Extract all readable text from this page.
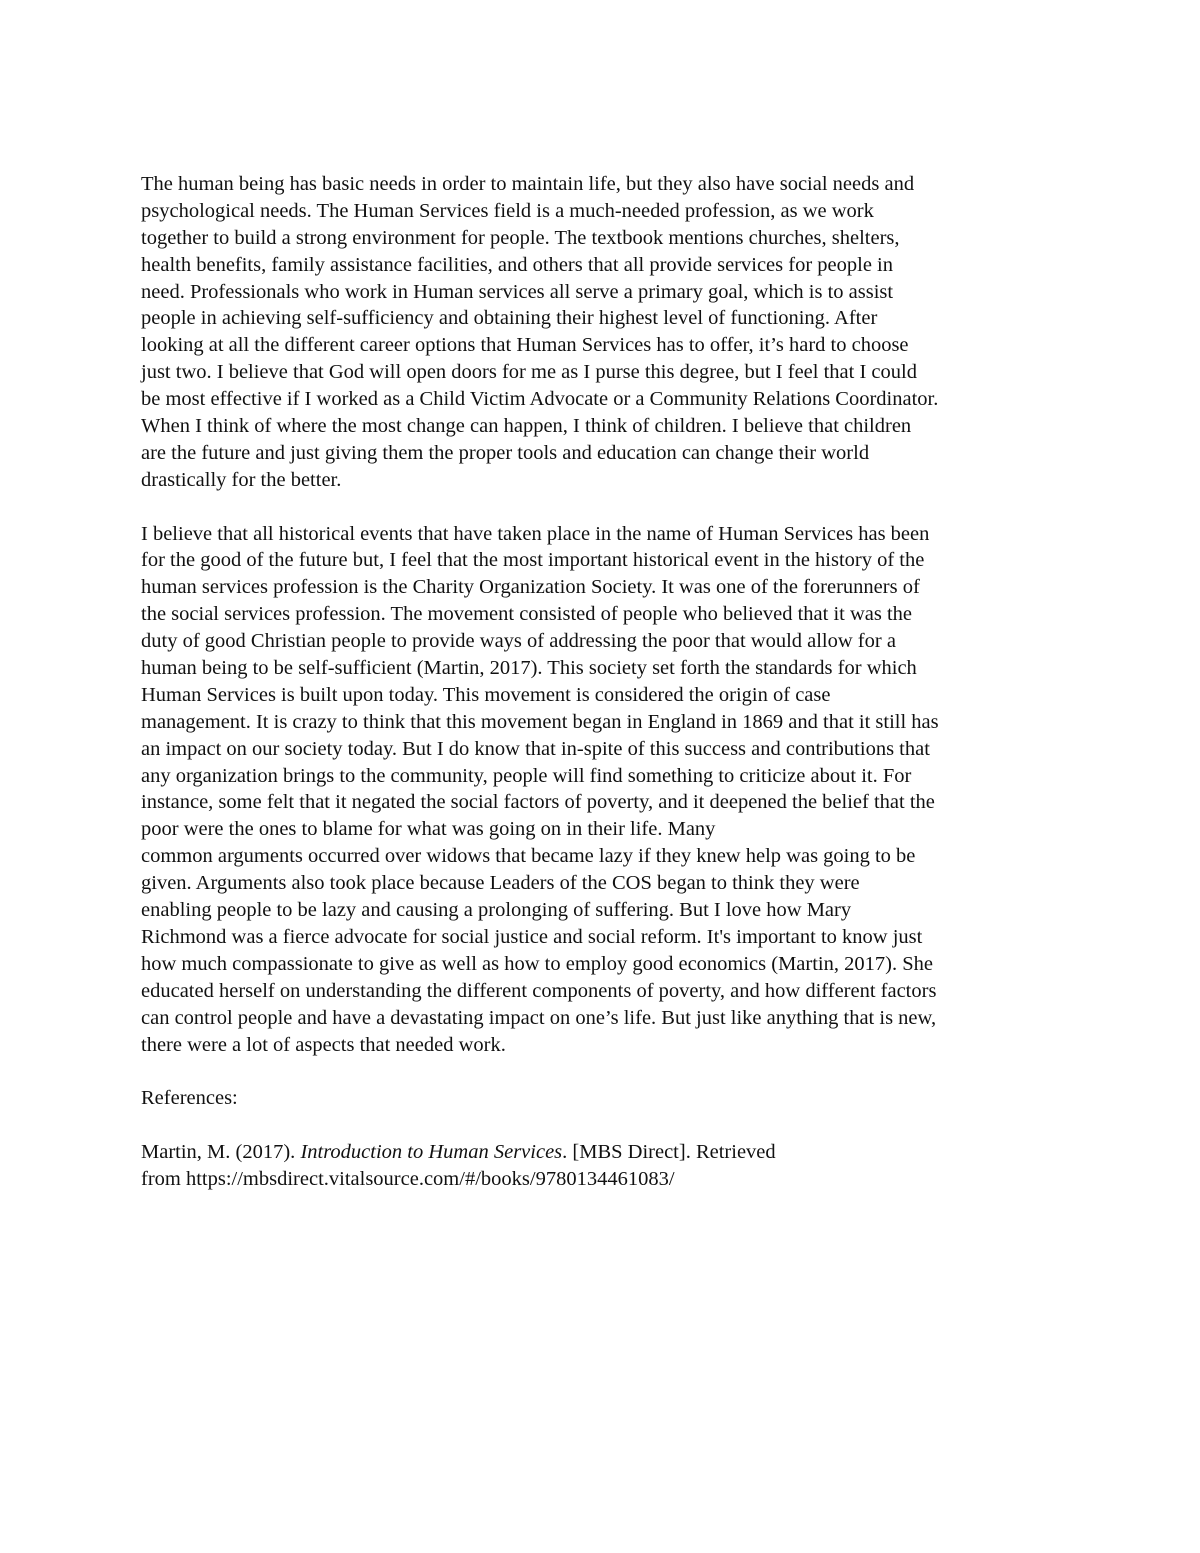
The human being has basic needs in order to maintain life, but they also have social needs and
psychological needs. The Human Services field is a much-needed profession, as we work
together to build a strong environment for people. The textbook mentions churches, shelters,
health benefits, family assistance facilities, and others that all provide services for people in
need. Professionals who work in Human services all serve a primary goal, which is to assist
people in achieving self-sufficiency and obtaining their highest level of functioning. After
looking at all the different career options that Human Services has to offer, it’s hard to choose
just two. I believe that God will open doors for me as I purse this degree, but I feel that I could
be most effective if I worked as a Child Victim Advocate or a Community Relations Coordinator.
When I think of where the most change can happen, I think of children. I believe that children
are the future and just giving them the proper tools and education can change their world
drastically for the better.
I believe that all historical events that have taken place in the name of Human Services has been
for the good of the future but, I feel that the most important historical event in the history of the
human services profession is the Charity Organization Society. It was one of the forerunners of
the social services profession. The movement consisted of people who believed that it was the
duty of good Christian people to provide ways of addressing the poor that would allow for a
human being to be self-sufficient (Martin, 2017). This society set forth the standards for which
Human Services is built upon today. This movement is considered the origin of case
management. It is crazy to think that this movement began in England in 1869 and that it still has
an impact on our society today. But I do know that in-spite of this success and contributions that
any organization brings to the community, people will find something to criticize about it. For
instance, some felt that it negated the social factors of poverty, and it deepened the belief that the
poor were the ones to blame for what was going on in their life. Many
common arguments occurred over widows that became lazy if they knew help was going to be
given. Arguments also took place because Leaders of the COS began to think they were
enabling people to be lazy and causing a prolonging of suffering. But I love how Mary
Richmond was a fierce advocate for social justice and social reform. It's important to know just
how much compassionate to give as well as how to employ good economics (Martin, 2017). She
educated herself on understanding the different components of poverty, and how different factors
can control people and have a devastating impact on one’s life. But just like anything that is new,
there were a lot of aspects that needed work.
References:
Martin, M. (2017). Introduction to Human Services. [MBS Direct]. Retrieved
from https://mbsdirect.vitalsource.com/#/books/9780134461083/
